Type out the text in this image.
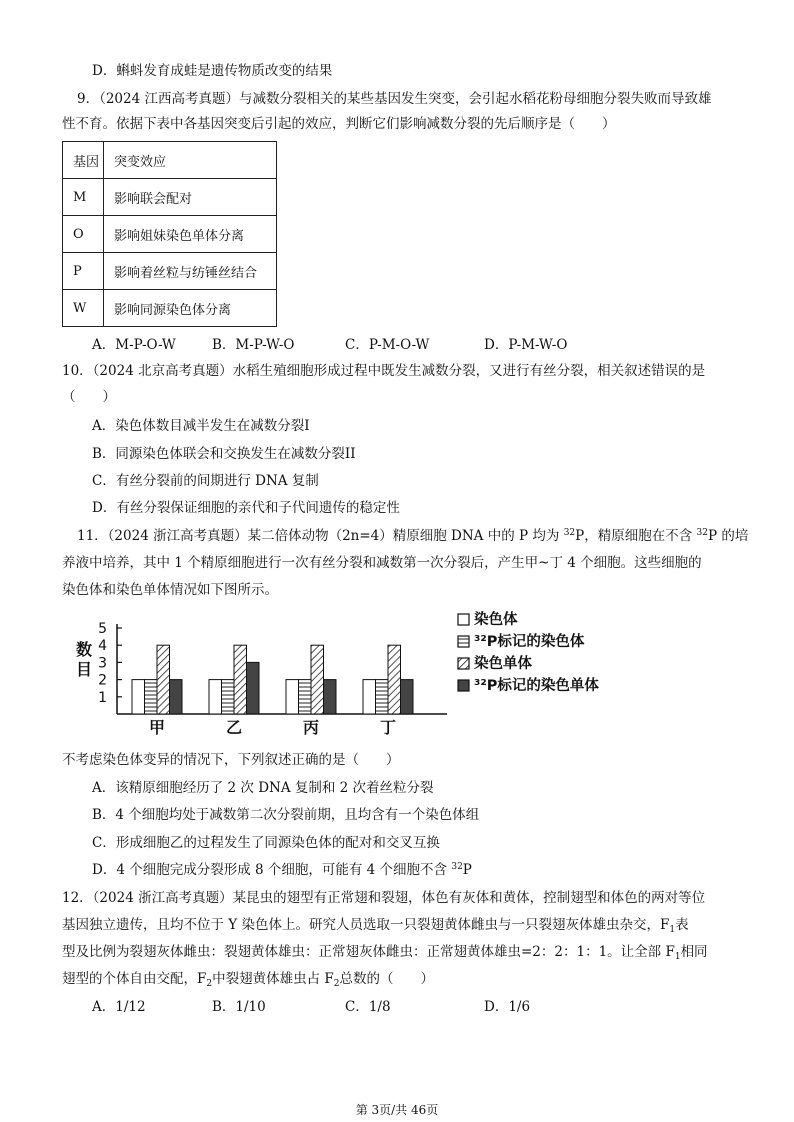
D．蝌蚪发育成蛙是遗传物质改变的结果
9．（2024 江西高考真题）与减数分裂相关的某些基因发生突变，会引起水稻花粉母细胞分裂失败而导致雄
性不育。依据下表中各基因突变后引起的效应，判断它们影响减数分裂的先后顺序是（　　）
基因	突变效应
M	影响联会配对
O	影响姐妹染色单体分离
P	影响着丝粒与纺锤丝结合
W	影响同源染色体分离
A．M-P-O-W	B．M-P-W-O	C．P-M-O-W	D．P-M-W-O
10．（2024 北京高考真题）水稻生殖细胞形成过程中既发生减数分裂，又进行有丝分裂，相关叙述错误的是
（　　）
A．染色体数目减半发生在减数分裂I
B．同源染色体联会和交换发生在减数分裂II
C．有丝分裂前的间期进行 DNA 复制
D．有丝分裂保证细胞的亲代和子代间遗传的稳定性
11．（2024 浙江高考真题）某二倍体动物（2n=4）精原细胞 DNA 中的 P 均为 $^{32}$P，精原细胞在不含 $^{32}$P 的培
养液中培养，其中 1 个精原细胞进行一次有丝分裂和减数第一次分裂后，产生甲~丁 4 个细胞。这些细胞的
染色体和染色单体情况如下图所示。
1
2
3
4
5
数
目
甲	乙	丙	丁
染色体
³²P标记的染色体
染色单体
³²P标记的染色单体
不考虑染色体变异的情况下，下列叙述正确的是（　　）
A．该精原细胞经历了 2 次 DNA 复制和 2 次着丝粒分裂
B．4 个细胞均处于减数第二次分裂前期，且均含有一个染色体组
C．形成细胞乙的过程发生了同源染色体的配对和交叉互换
D．4 个细胞完成分裂形成 8 个细胞，可能有 4 个细胞不含 $^{32}$P
12．（2024 浙江高考真题）某昆虫的翅型有正常翅和裂翅，体色有灰体和黄体，控制翅型和体色的两对等位
基因独立遗传，且均不位于 Y 染色体上。研究人员选取一只裂翅黄体雌虫与一只裂翅灰体雄虫杂交，$F_1$表
型及比例为裂翅灰体雌虫：裂翅黄体雄虫：正常翅灰体雌虫：正常翅黄体雄虫=2：2：1：1。让全部 $F_1$相同
翅型的个体自由交配，$F_2$中裂翅黄体雄虫占 $F_2$总数的（　　）
A．1/12	B．1/10	C．1/8	D．1/6
第 3页/共 46页
